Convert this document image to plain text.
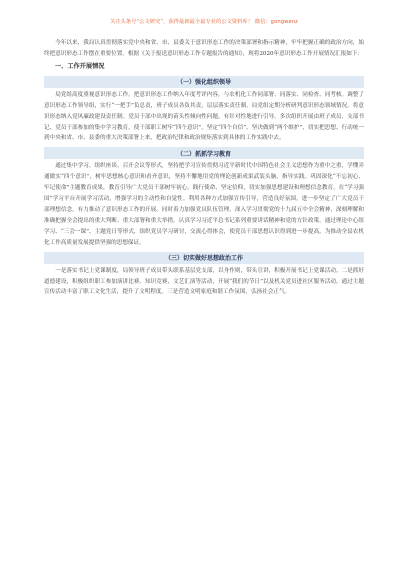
关注头条号“公文研究”，获得最新最全最专业的公文资料库！ 微信：gongwenz

今年以来，我局认真贯彻落实党中央和省、市、县委关于意识形态工作的决策部署和指示精神，牢牢把握正确的政治方向，始终把意识形态工作摆在重要位置。根据《关于报送意识形态工作专题报告的通知》，现将2020年意识形态工作开展情况汇报如下：

一、工作开展情况
（一）强化组织领导

局党组高度重视意识形态工作，把意识形态工作纳入年度考评内容，与农机化工作同部署、同落实、同检查、同考核。调整了意识形态工作领导组，实行“一把手”负总责，班子成员各负其责，层层落实责任制。局党组定期分析研判意识形态领域情况，将意识形态纳入党风廉政建设责任制。党员干部中出现的苗头性倾向性问题，有针对性地进行引导。多次组织开展由班子成员、支部书记、党员干部参加的集中学习教育，使干部职工树牢“四个意识”，坚定“四个自信”，坚决做到“两个维护”，切实把思想、行动统一到中央和省、市、县委的重大决策部署上来，把政治纪律和政治规矩落实到具体的工作实践中去。

（二）抓抓学习教育

通过集中学习、组织座谈、召开会议等形式，坚持把学习宣传贯彻习近平新时代中国特色社会主义思想作为重中之重，学懂弄通做实“四个意识”，树牢思想核心意识和看齐意识，坚持不懈地用党的理论创新成果武装头脑，指导实践。巩固深化“不忘初心、牢记使命”主题教育成果，教育引导广大党员干部树牢初心，践行使命，坚定信仰，切实加强思想建设和理想信念教育。在“学习强国”学习平台开展学习活动，增强学习的主动性和自觉性。利用各种方式加强宣传引导，营造良好氛围，进一步坚定了广大党员干部理想信念，有力推动了意识形态工作的开展。同时着力加强党员队伍管理，深入学习贯彻党的十九届五中全会精神，深刻理解和准确把握全会提出的重大判断、重大部署和重大举措。认真学习习近平总书记系列重要讲话精神和党的方针政策，通过理论中心组学习、“三会一课”、主题党日等形式，组织党员学习研讨，交流心得体会，使党员干部思想认识得到进一步提高，为推动全县农机化工作高质量发展提供坚强的思想保证。

（三）切实做好思想政治工作

一是落实书记上党课制度，局领导班子成员带头联系基层党支部，以身作则，带头宣讲，积极开展书记上党课活动。二是抓好道德建设，积极组织职工参加演讲比赛、知识竞赛、文艺汇演等活动，开展“我们的节日”以及机关党员进社区服务活动，通过主题宣传活动丰富了职工文化生活，提升了文明程度。三是营造文明家庭和谐工作氛围，弘扬社会正气。
